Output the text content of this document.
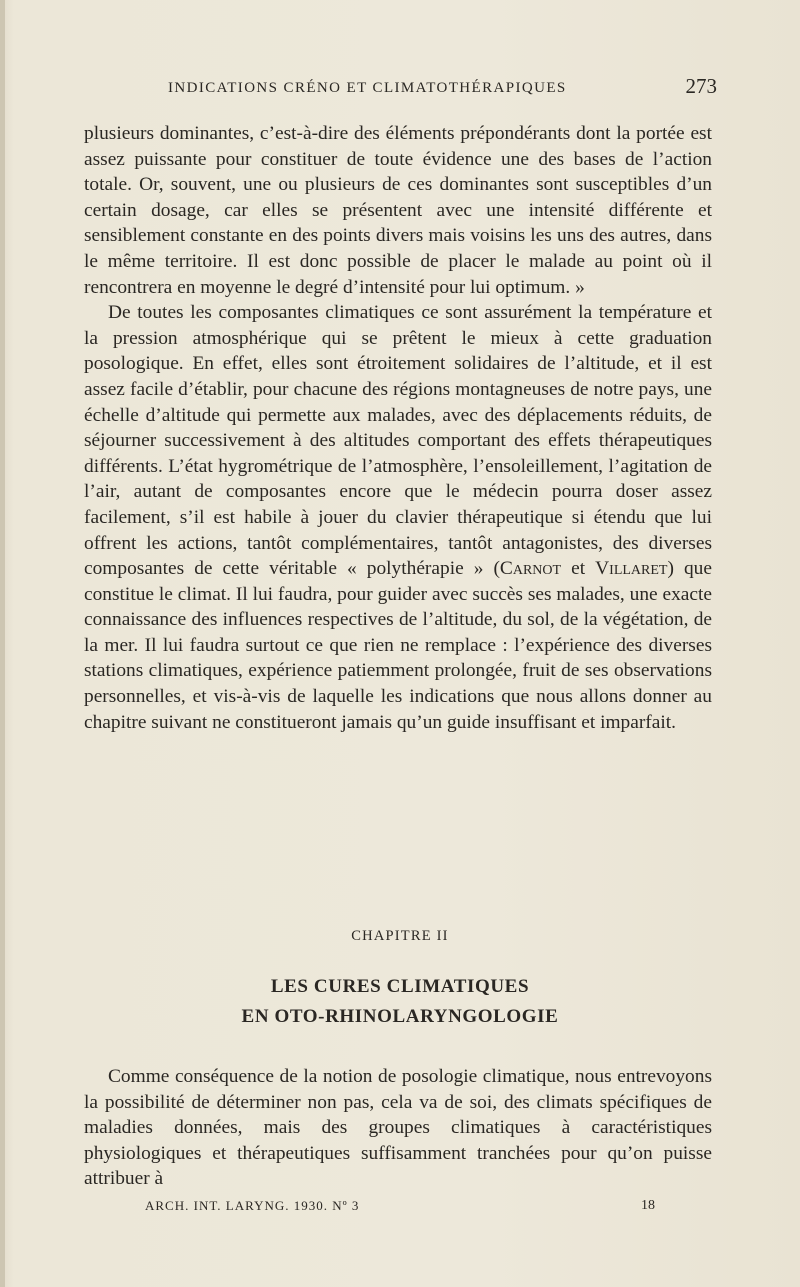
INDICATIONS CRÉNO ET CLIMATOTHÉRAPIQUES	273

plusieurs dominantes, c’est-à-dire des éléments prépondérants dont la portée est assez puissante pour constituer de toute évidence une des bases de l’action totale. Or, souvent, une ou plusieurs de ces dominantes sont susceptibles d’un certain dosage, car elles se présentent avec une intensité différente et sensiblement constante en des points divers mais voisins les uns des autres, dans le même territoire. Il est donc possible de placer le malade au point où il rencontrera en moyenne le degré d’intensité pour lui optimum. »

De toutes les composantes climatiques ce sont assurément la température et la pression atmosphérique qui se prêtent le mieux à cette graduation posologique. En effet, elles sont étroitement solidaires de l’altitude, et il est assez facile d’établir, pour chacune des régions montagneuses de notre pays, une échelle d’altitude qui permette aux malades, avec des déplacements réduits, de séjourner successivement à des altitudes comportant des effets thérapeutiques différents. L’état hygrométrique de l’atmosphère, l’ensoleillement, l’agitation de l’air, autant de composantes encore que le médecin pourra doser assez facilement, s’il est habile à jouer du clavier thérapeutique si étendu que lui offrent les actions, tantôt complémentaires, tantôt antagonistes, des diverses composantes de cette véritable « polythérapie » (Carnot et Villaret) que constitue le climat. Il lui faudra, pour guider avec succès ses malades, une exacte connaissance des influences respectives de l’altitude, du sol, de la végétation, de la mer. Il lui faudra surtout ce que rien ne remplace : l’expérience des diverses stations climatiques, expérience patiemment prolongée, fruit de ses observations personnelles, et vis-à-vis de laquelle les indications que nous allons donner au chapitre suivant ne constitueront jamais qu’un guide insuffisant et imparfait.

CHAPITRE II
LES CURES CLIMATIQUES
EN OTO-RHINOLARYNGOLOGIE

Comme conséquence de la notion de posologie climatique, nous entrevoyons la possibilité de déterminer non pas, cela va de soi, des climats spécifiques de maladies données, mais des groupes climatiques à caractéristiques physiologiques et thérapeutiques suffisamment tranchées pour qu’on puisse attribuer à

ARCH. INT. LARYNG. 1930. Nº 3	18
